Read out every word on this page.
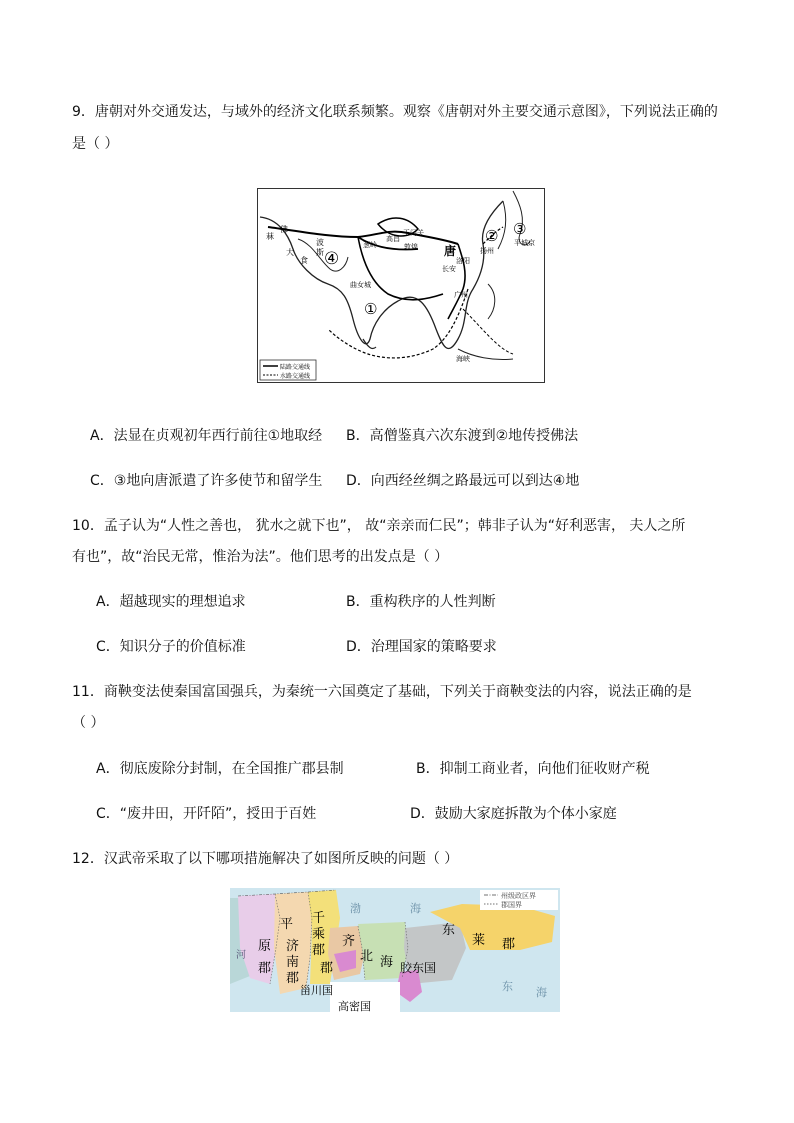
9．唐朝对外交通发达，与域外的经济文化联系频繁。观察《唐朝对外主要交通示意图》，下列说法正确的
是（ ）
佛
菻
大
食
波
斯 ④
葱岭
高昌
玉门关
敦煌 唐
长安
洛阳
扬州
② ③
平城京
①
曲女城
广州
海峡
陆路交通线
水路交通线
A．法显在贞观初年西行前往①地取经 B．高僧鉴真六次东渡到②地传授佛法
C．③地向唐派遣了许多使节和留学生 D．向西经丝绸之路最远可以到达④地
10．孟子认为“人性之善也， 犹水之就下也”， 故“亲亲而仁民”；韩非子认为“好利恶害， 夫人之所
有也”，故“治民无常，惟治为法”。他们思考的出发点是（ ）
A．超越现实的理想追求	B．重构秩序的人性判断
C．知识分子的价值标准	D．治理国家的策略要求
11．商鞅变法使秦国富国强兵，为秦统一六国奠定了基础，下列关于商鞅变法的内容，说法正确的是
（ ）
A．彻底废除分封制，在全国推广郡县制	B．抑制工商业者，向他们征收财产税
C．“废井田，开阡陌”，授田于百姓	D．鼓励大家庭拆散为个体小家庭
12．汉武帝采取了以下哪项措施解决了如图所反映的问题（ ）
州级政区界
郡国界
河
平
原
郡
济
南
郡
千
乘
郡
齐
郡
北 海 胶东国
东
莱 郡
甾川国
高密国
渤	海
东 海
